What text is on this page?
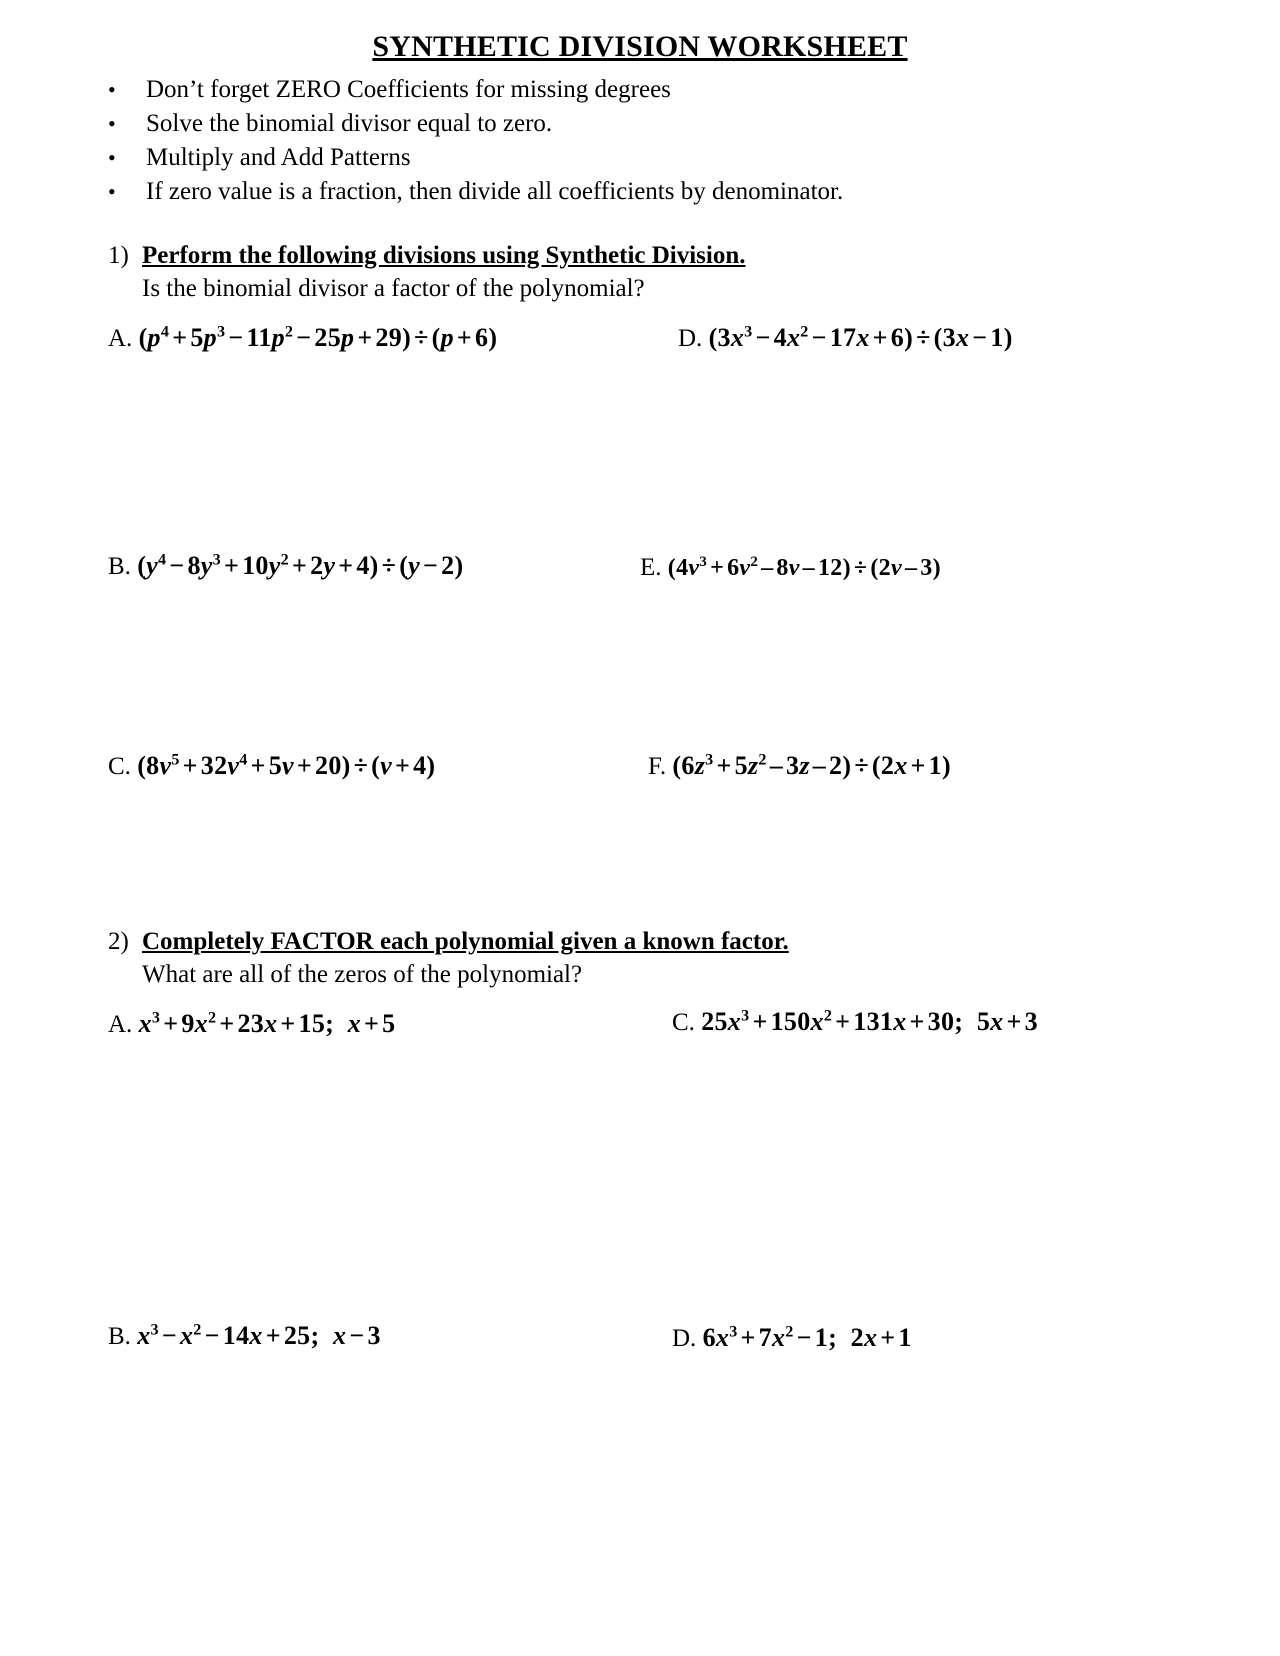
SYNTHETIC DIVISION WORKSHEET
• Don’t forget ZERO Coefficients for missing degrees
• Solve the binomial divisor equal to zero.
• Multiply and Add Patterns
• If zero value is a fraction, then divide all coefficients by denominator.
1) Perform the following divisions using Synthetic Division.
Is the binomial divisor a factor of the polynomial?
A. $(p^4 + 5p^3 - 11p^2 - 25p + 29) \div (p + 6)$	D. $(3x^3 - 4x^2 - 17x + 6) \div (3x - 1)$
B. $(y^4 - 8y^3 + 10y^2 + 2y + 4) \div (y - 2)$	E. $(4v^3 + 6v^2 - 8v - 12) \div (2v - 3)$
C. $(8v^5 + 32v^4 + 5v + 20) \div (v + 4)$	F. $(6z^3 + 5z^2 - 3z - 2) \div (2x + 1)$
2) Completely FACTOR each polynomial given a known factor.
What are all of the zeros of the polynomial?
A. $x^3 + 9x^2 + 23x + 15$; x + 5	C. $25x^3 + 150x^2 + 131x + 30$; 5x + 3
B. $x^3 - x^2 - 14x + 25$; x − 3	D. $6x^3 + 7x^2 - 1$; 2x + 1
